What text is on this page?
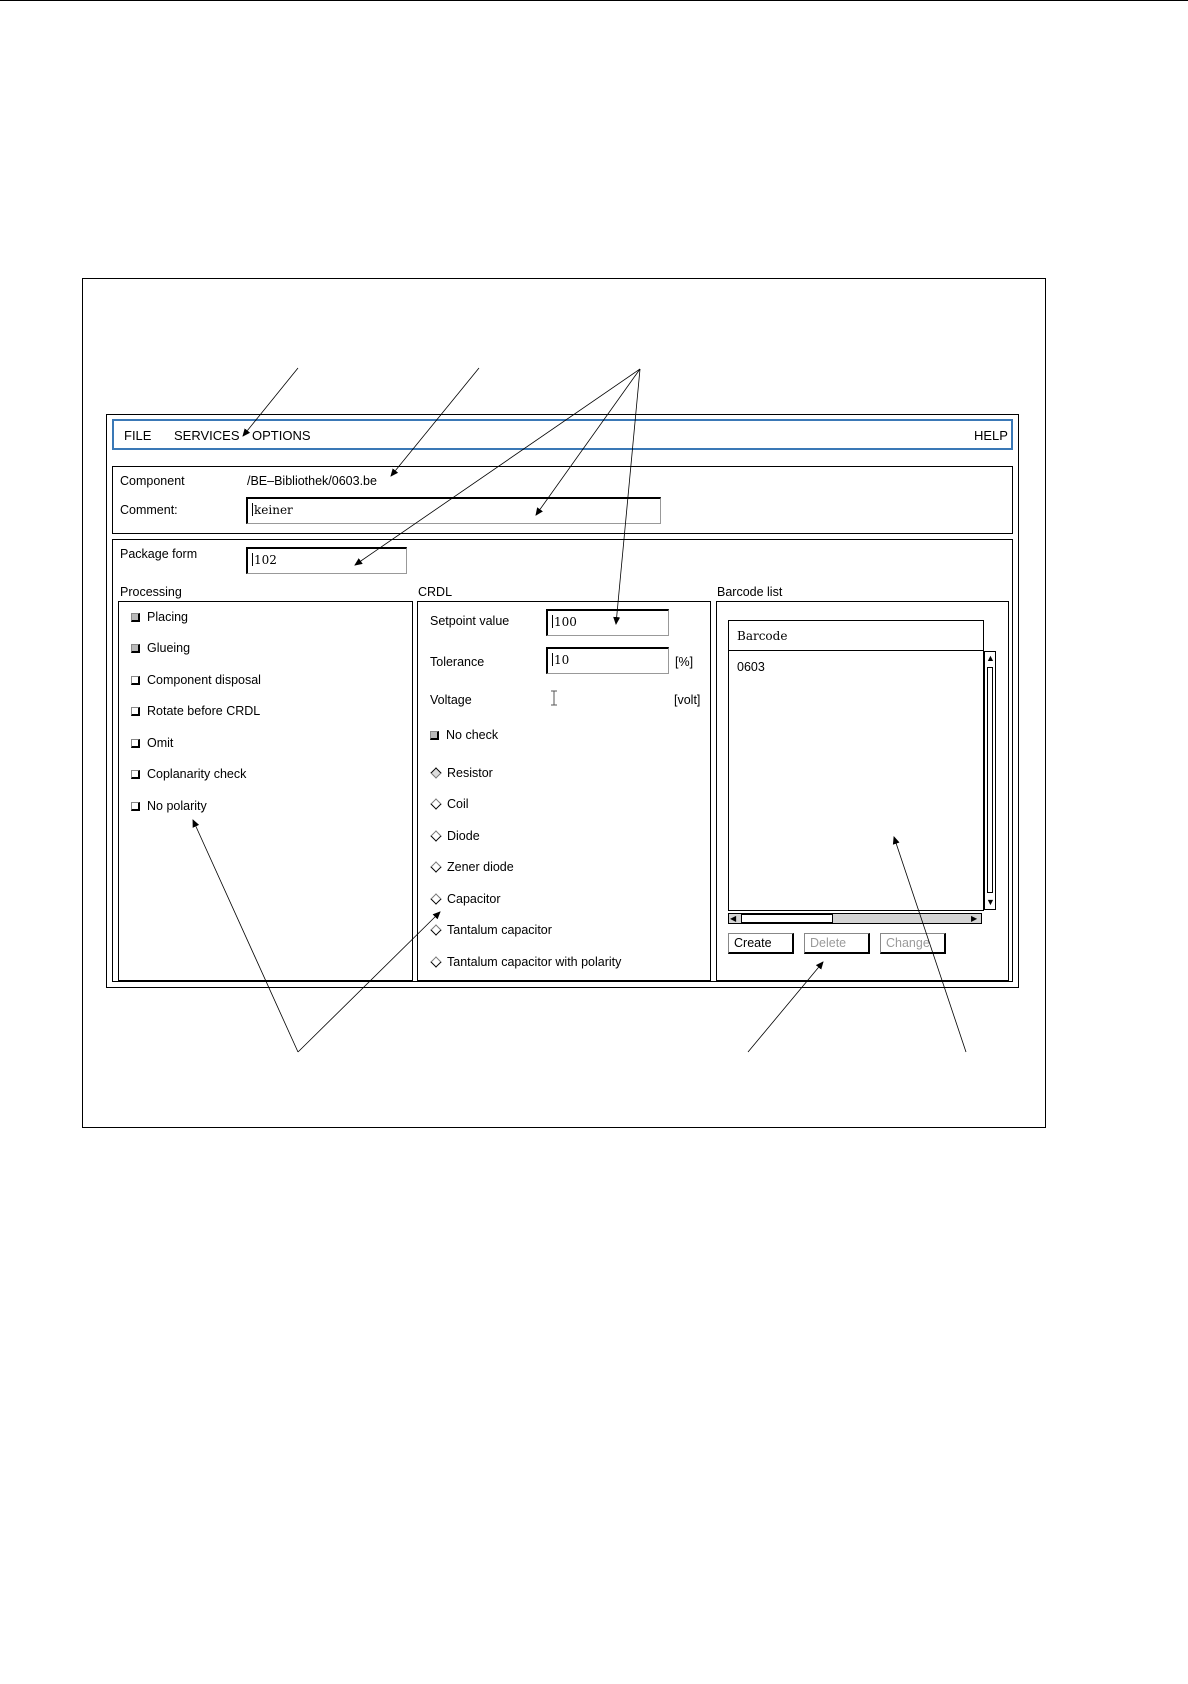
FILE SERVICES OPTIONS	HELP
Component	/BE–Bibliothek/0603.be
Comment:	keiner
Package form	102
Processing
Placing
Glueing
Component disposal
Rotate before CRDL
Omit
Coplanarity check
No polarity
CRDL
Setpoint value	100
Tolerance	10	[%]
Voltage	[volt]
No check
Resistor
Coil
Diode
Zener diode
Capacitor
Tantalum capacitor
Tantalum capacitor with polarity
Barcode list
Barcode
0603
▲
▼
◀	▶
Create	Delete	Change
